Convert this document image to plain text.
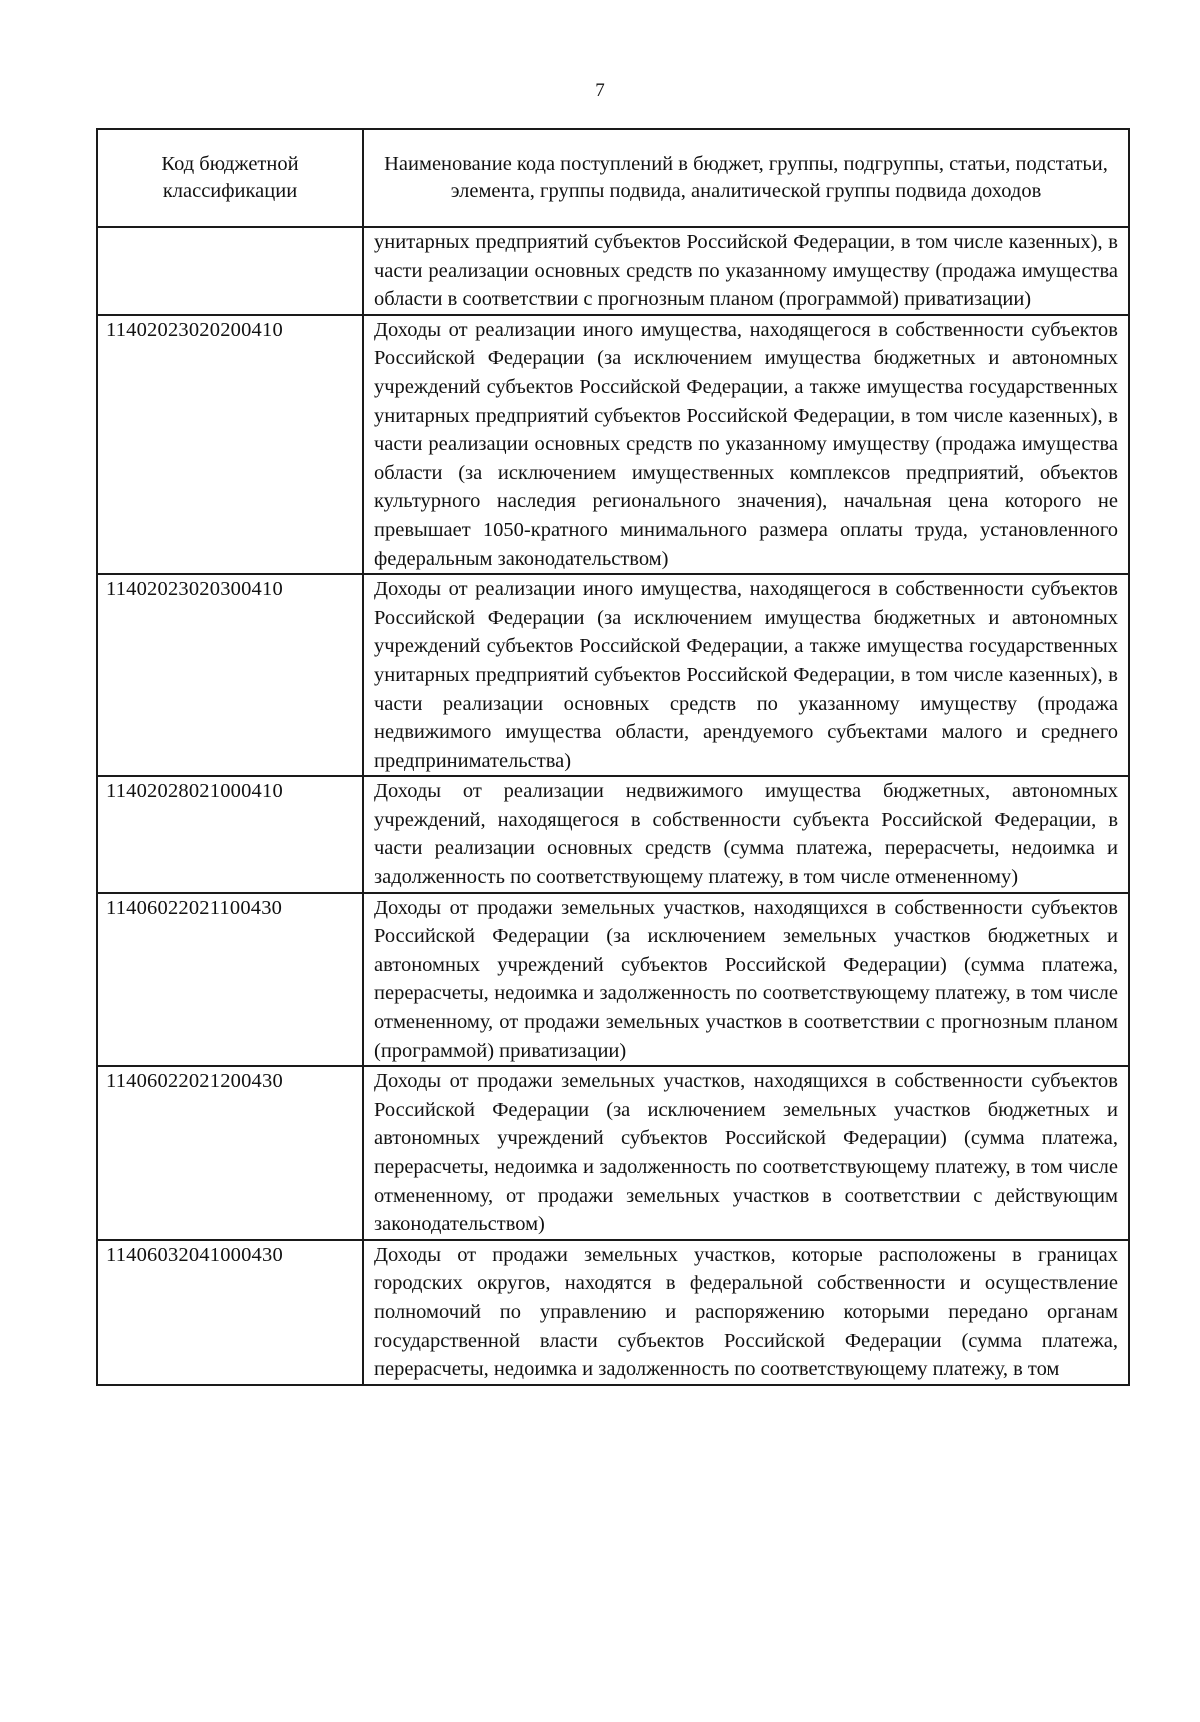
7
Код бюджетной классификации	Наименование кода поступлений в бюджет, группы, подгруппы, статьи, подстатьи, элемента, группы подвида, аналитической группы подвида доходов
	унитарных предприятий субъектов Российской Федерации, в том числе казенных), в части реализации основных средств по указанному имуществу (продажа имущества области в соответствии с прогнозным планом (программой) приватизации)
11402023020200410	Доходы от реализации иного имущества, находящегося в собственности субъектов Российской Федерации (за исключением имущества бюджетных и автономных учреждений субъектов Российской Федерации, а также имущества государственных унитарных предприятий субъектов Российской Федерации, в том числе казенных), в части реализации основных средств по указанному имуществу (продажа имущества области (за исключением имущественных комплексов предприятий, объектов культурного наследия регионального значения), начальная цена которого не превышает 1050-кратного минимального размера оплаты труда, установленного федеральным законодательством)
11402023020300410	Доходы от реализации иного имущества, находящегося в собственности субъектов Российской Федерации (за исключением имущества бюджетных и автономных учреждений субъектов Российской Федерации, а также имущества государственных унитарных предприятий субъектов Российской Федерации, в том числе казенных), в части реализации основных средств по указанному имуществу (продажа недвижимого имущества области, арендуемого субъектами малого и среднего предпринимательства)
11402028021000410	Доходы от реализации недвижимого имущества бюджетных, автономных учреждений, находящегося в собственности субъекта Российской Федерации, в части реализации основных средств (сумма платежа, перерасчеты, недоимка и задолженность по соответствующему платежу, в том числе отмененному)
11406022021100430	Доходы от продажи земельных участков, находящихся в собственности субъектов Российской Федерации (за исключением земельных участков бюджетных и автономных учреждений субъектов Российской Федерации) (сумма платежа, перерасчеты, недоимка и задолженность по соответствующему платежу, в том числе отмененному, от продажи земельных участков в соответствии с прогнозным планом (программой) приватизации)
11406022021200430	Доходы от продажи земельных участков, находящихся в собственности субъектов Российской Федерации (за исключением земельных участков бюджетных и автономных учреждений субъектов Российской Федерации) (сумма платежа, перерасчеты, недоимка и задолженность по соответствующему платежу, в том числе отмененному, от продажи земельных участков в соответствии с действующим законодательством)
11406032041000430	Доходы от продажи земельных участков, которые расположены в границах городских округов, находятся в федеральной собственности и осуществление полномочий по управлению и распоряжению которыми передано органам государственной власти субъектов Российской Федерации (сумма платежа, перерасчеты, недоимка и задолженность по соответствующему платежу, в том
